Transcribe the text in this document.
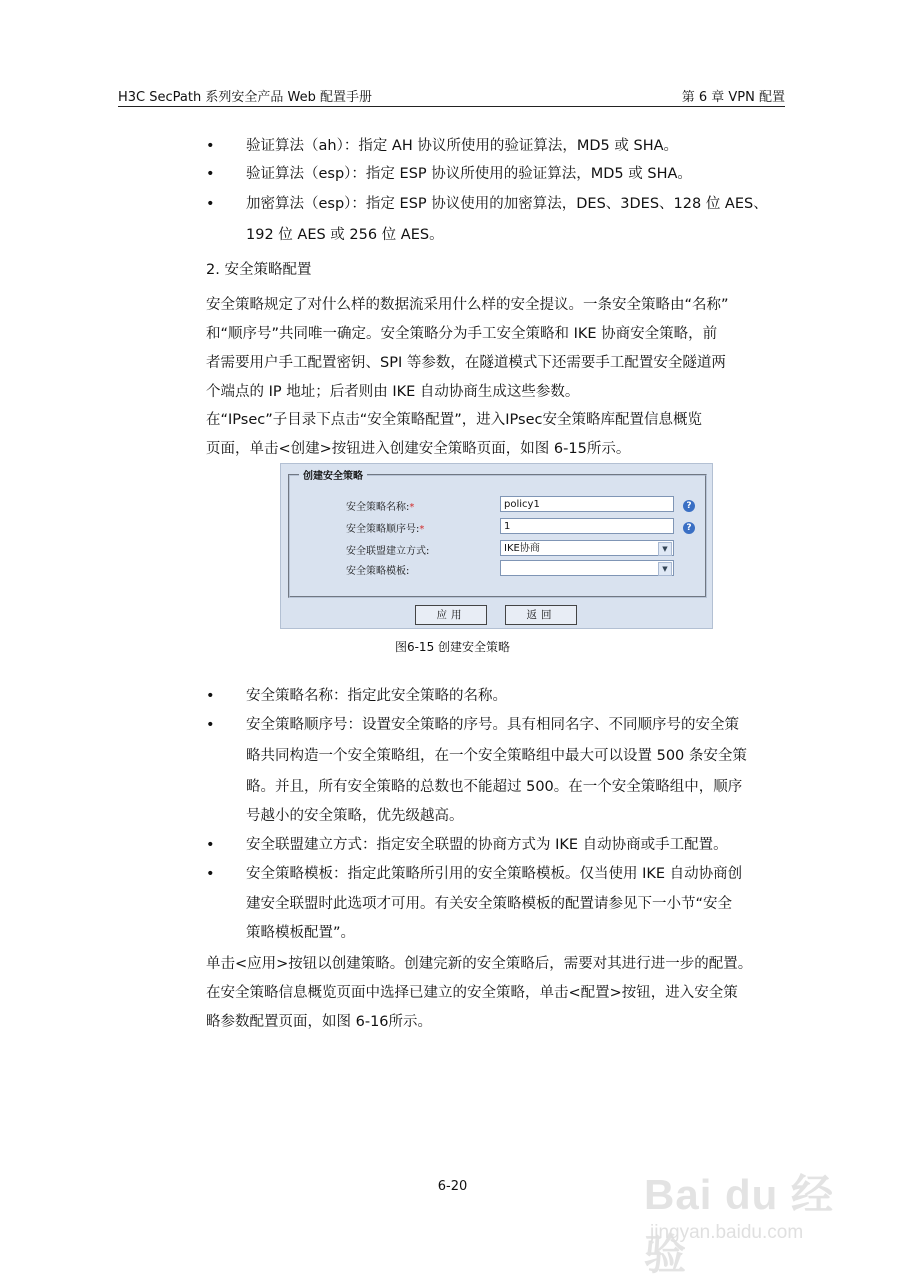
H3C SecPath 系列安全产品 Web 配置手册	第 6 章 VPN 配置
• 验证算法（ah）：指定 AH 协议所使用的验证算法，MD5 或 SHA。
• 验证算法（esp）：指定 ESP 协议所使用的验证算法，MD5 或 SHA。
• 加密算法（esp）：指定 ESP 协议使用的加密算法，DES、3DES、128 位 AES、
192 位 AES 或 256 位 AES。
2. 安全策略配置
安全策略规定了对什么样的数据流采用什么样的安全提议。一条安全策略由“名称”
和“顺序号”共同唯一确定。安全策略分为手工安全策略和 IKE 协商安全策略，前
者需要用户手工配置密钥、SPI 等参数，在隧道模式下还需要手工配置安全隧道两
个端点的 IP 地址；后者则由 IKE 自动协商生成这些参数。
在“IPsec”子目录下点击“安全策略配置”，进入IPsec安全策略库配置信息概览
页面，单击<创建>按钮进入创建安全策略页面，如图 6-15所示。
创建安全策略
安全策略名称:*	policy1	?
安全策略顺序号:*	1	?
安全联盟建立方式:	IKE协商	▼
安全策略模板:	▼
应用	返回
图6-15 创建安全策略
• 安全策略名称：指定此安全策略的名称。
• 安全策略顺序号：设置安全策略的序号。具有相同名字、不同顺序号的安全策
略共同构造一个安全策略组，在一个安全策略组中最大可以设置 500 条安全策
略。并且，所有安全策略的总数也不能超过 500。在一个安全策略组中，顺序
号越小的安全策略，优先级越高。
• 安全联盟建立方式：指定安全联盟的协商方式为 IKE 自动协商或手工配置。
• 安全策略模板：指定此策略所引用的安全策略模板。仅当使用 IKE 自动协商创
建安全联盟时此选项才可用。有关安全策略模板的配置请参见下一小节“安全
策略模板配置”。
单击<应用>按钮以创建策略。创建完新的安全策略后，需要对其进行进一步的配置。
在安全策略信息概览页面中选择已建立的安全策略，单击<配置>按钮，进入安全策
略参数配置页面，如图 6-16所示。
6-20	Bai du 经验
jingyan.baidu.com
